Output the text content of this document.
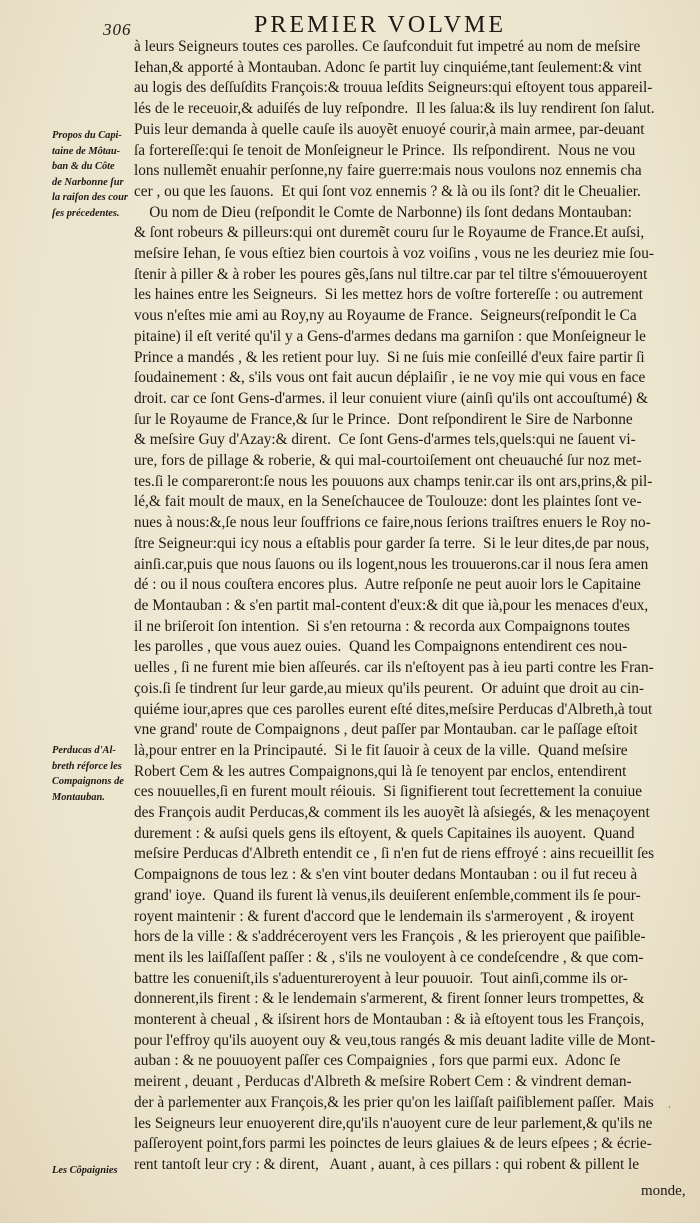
306	PREMIER VOLVME

à leurs Seigneurs toutes ces parolles. Ce ſaufconduit fut impetré au nom de meſsire
Iehan,& apporté à Montauban. Adonc ſe partit luy cinquiéme,tant ſeulement:& vint
au logis des deſſuſdits François:& trouua leſdits Seigneurs:qui eſtoyent tous appareil-
lés de le receuoir,& aduiſés de luy reſpondre.  Il les ſalua:& ils luy rendirent ſon ſalut.
Puis leur demanda à quelle cauſe ils auoyẽt enuoyé courir,à main armee, par-deuant
ſa fortereſſe:qui ſe tenoit de Monſeigneur le Prince.  Ils reſpondirent.  Nous ne vou
lons nullemẽt enuahir perſonne,ny faire guerre:mais nous voulons noz ennemis cha
cer , ou que les ſauons.  Et qui ſont voz ennemis ? & là ou ils ſont? dit le Cheualier.
Ou nom de Dieu (reſpondit le Comte de Narbonne) ils ſont dedans Montauban:
& ſont robeurs & pilleurs:qui ont duremẽt couru ſur le Royaume de France.Et auſsi,
meſsire Iehan, ſe vous eſtiez bien courtois à voz voiſins , vous ne les deuriez mie ſou-
ſtenir à piller & à rober les poures gẽs,ſans nul tiltre.car par tel tiltre s'émouueroyent
les haines entre les Seigneurs.  Si les mettez hors de voſtre fortereſſe : ou autrement
vous n'eſtes mie ami au Roy,ny au Royaume de France.  Seigneurs(reſpondit le Ca
pitaine) il eſt verité qu'il y a Gens-d'armes dedans ma garniſon : que Monſeigneur le
Prince a mandés , & les retient pour luy.  Si ne ſuis mie conſeillé d'eux faire partir ſi
ſoudainement : &, s'ils vous ont fait aucun déplaiſir , ie ne voy mie qui vous en face
droit. car ce ſont Gens-d'armes. il leur conuient viure (ainſi qu'ils ont accouſtumé) &
ſur le Royaume de France,& ſur le Prince.  Dont reſpondirent le Sire de Narbonne
& meſsire Guy d'Azay:& dirent.  Ce ſont Gens-d'armes tels,quels:qui ne ſauent vi-
ure, fors de pillage & roberie, & qui mal-courtoiſement ont cheuauché ſur noz met-
tes.ſi le compareront:ſe nous les pouuons aux champs tenir.car ils ont ars,prins,& pil-
lé,& fait moult de maux, en la Seneſchaucee de Toulouze: dont les plaintes ſont ve-
nues à nous:&,ſe nous leur ſouffrions ce faire,nous ſerions traiſtres enuers le Roy no-
ſtre Seigneur:qui icy nous a eſtablis pour garder ſa terre.  Si le leur dites,de par nous,
ainſi.car,puis que nous ſauons ou ils logent,nous les trouuerons.car il nous ſera amen
dé : ou il nous couſtera encores plus.  Autre reſponſe ne peut auoir lors le Capitaine
de Montauban : & s'en partit mal-content d'eux:& dit que ià,pour les menaces d'eux,
il ne briſeroit ſon intention.  Si s'en retourna : & recorda aux Compaignons toutes
les parolles , que vous auez ouies.  Quand les Compaignons entendirent ces nou-
uelles , ſi ne furent mie bien aſſeurés. car ils n'eſtoyent pas à ieu parti contre les Fran-
çois.ſi ſe tindrent ſur leur garde,au mieux qu'ils peurent.  Or aduint que droit au cin-
quiéme iour,apres que ces parolles eurent eſté dites,meſsire Perducas d'Albreth,à tout
vne grand' route de Compaignons , deut paſſer par Montauban. car le paſſage eſtoit
là,pour entrer en la Principauté.  Si le fit ſauoir à ceux de la ville.  Quand meſsire
Robert Cem & les autres Compaignons,qui là ſe tenoyent par enclos, entendirent
ces nouuelles,ſi en furent moult réiouis.  Si ſignifierent tout ſecrettement la conuiue
des François audit Perducas,& comment ils les auoyẽt là aſsiegés, & les menaçoyent
durement : & auſsi quels gens ils eſtoyent, & quels Capitaines ils auoyent.  Quand
meſsire Perducas d'Albreth entendit ce , ſi n'en fut de riens effroyé : ains recueillit ſes
Compaignons de tous lez : & s'en vint bouter dedans Montauban : ou il fut receu à
grand' ioye.  Quand ils furent là venus,ils deuiſerent enſemble,comment ils ſe pour-
royent maintenir : & furent d'accord que le lendemain ils s'armeroyent , & iroyent
hors de la ville : & s'addréceroyent vers les François , & les prieroyent que paiſible-
ment ils les laiſſaſſent paſſer : & , s'ils ne vouloyent à ce condeſcendre , & que com-
battre les conueniſt,ils s'aduentureroyent à leur pouuoir.  Tout ainſi,comme ils or-
donnerent,ils firent : & le lendemain s'armerent, & firent ſonner leurs trompettes, &
monterent à cheual , & iſsirent hors de Montauban : & ià eſtoyent tous les François,
pour l'effroy qu'ils auoyent ouy & veu,tous rangés & mis deuant ladite ville de Mont-
auban : & ne pouuoyent paſſer ces Compaignies , fors que parmi eux.  Adonc ſe
meirent , deuant , Perducas d'Albreth & meſsire Robert Cem : & vindrent deman-
der à parlementer aux François,& les prier qu'on les laiſſaſt paiſiblement paſſer.  Mais
les Seigneurs leur enuoyerent dire,qu'ils n'auoyent cure de leur parlement,& qu'ils ne
paſſeroyent point,fors parmi les poinctes de leurs glaiues & de leurs eſpees ; & écrie-
rent tantoſt leur cry : & dirent,   Auant , auant, à ces pillars : qui robent & pillent le

Propos du Capi-
taine de Môtau-
ban & du Côte
de Narbonne ſur
la raiſon des cour
ſes précedentes.

Perducas d'Al-
breth réforce les
Compaignons de
Montauban.

Les Côpaignies

monde,
ʻ
